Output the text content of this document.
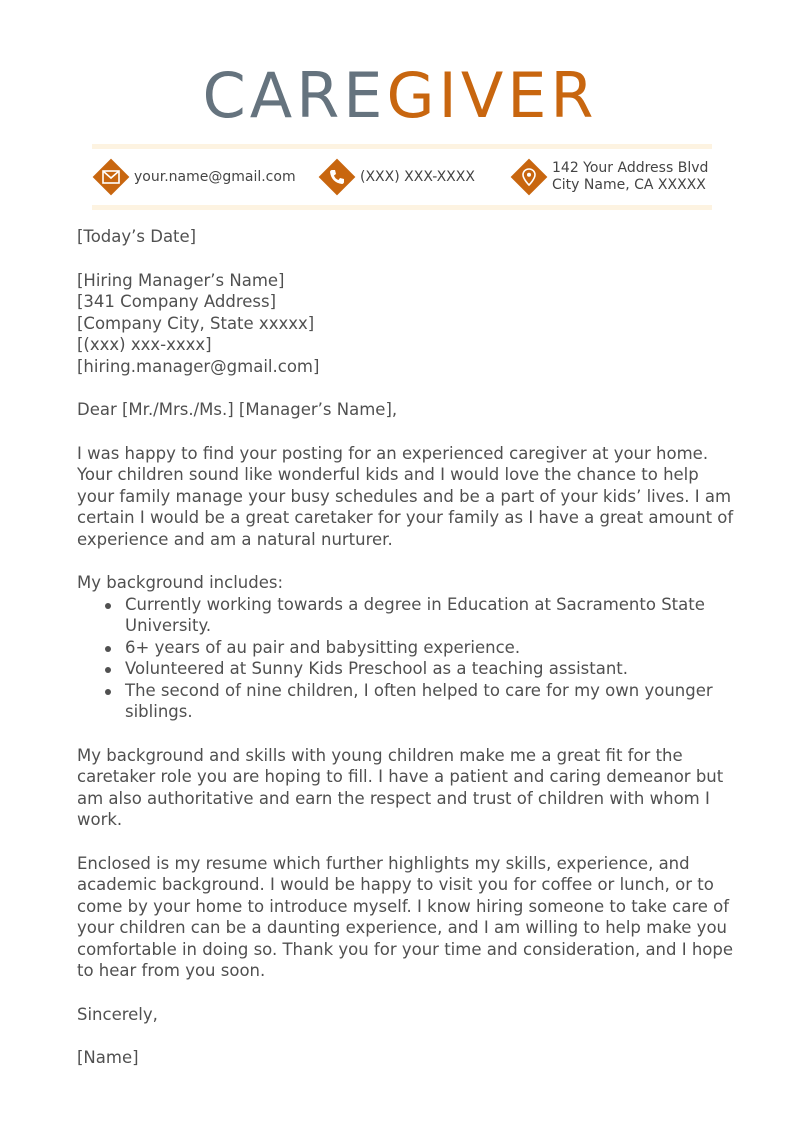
CAREGIVER
your.name@gmail.com	(XXX) XXX-XXXX
142 Your Address Blvd
City Name, CA XXXXX

[Today’s Date]

[Hiring Manager’s Name]

[341 Company Address]

[Company City, State xxxxx]

[(xxx) xxx-xxxx]

[hiring.manager@gmail.com]

Dear [Mr./Mrs./Ms.] [Manager’s Name],

I was happy to find your posting for an experienced caregiver at your home. Your children sound like wonderful kids and I would love the chance to help your family manage your busy schedules and be a part of your kids’ lives. I am certain I would be a great caretaker for your family as I have a great amount of experience and am a natural nurturer.

My background includes:

Currently working towards a degree in Education at Sacramento State University.
6+ years of au pair and babysitting experience.
Volunteered at Sunny Kids Preschool as a teaching assistant.
The second of nine children, I often helped to care for my own younger siblings.

My background and skills with young children make me a great fit for the caretaker role you are hoping to fill. I have a patient and caring demeanor but am also authoritative and earn the respect and trust of children with whom I work.

Enclosed is my resume which further highlights my skills, experience, and academic background. I would be happy to visit you for coffee or lunch, or to come by your home to introduce myself. I know hiring someone to take care of your children can be a daunting experience, and I am willing to help make you comfortable in doing so. Thank you for your time and consideration, and I hope to hear from you soon.

Sincerely,

[Name]
